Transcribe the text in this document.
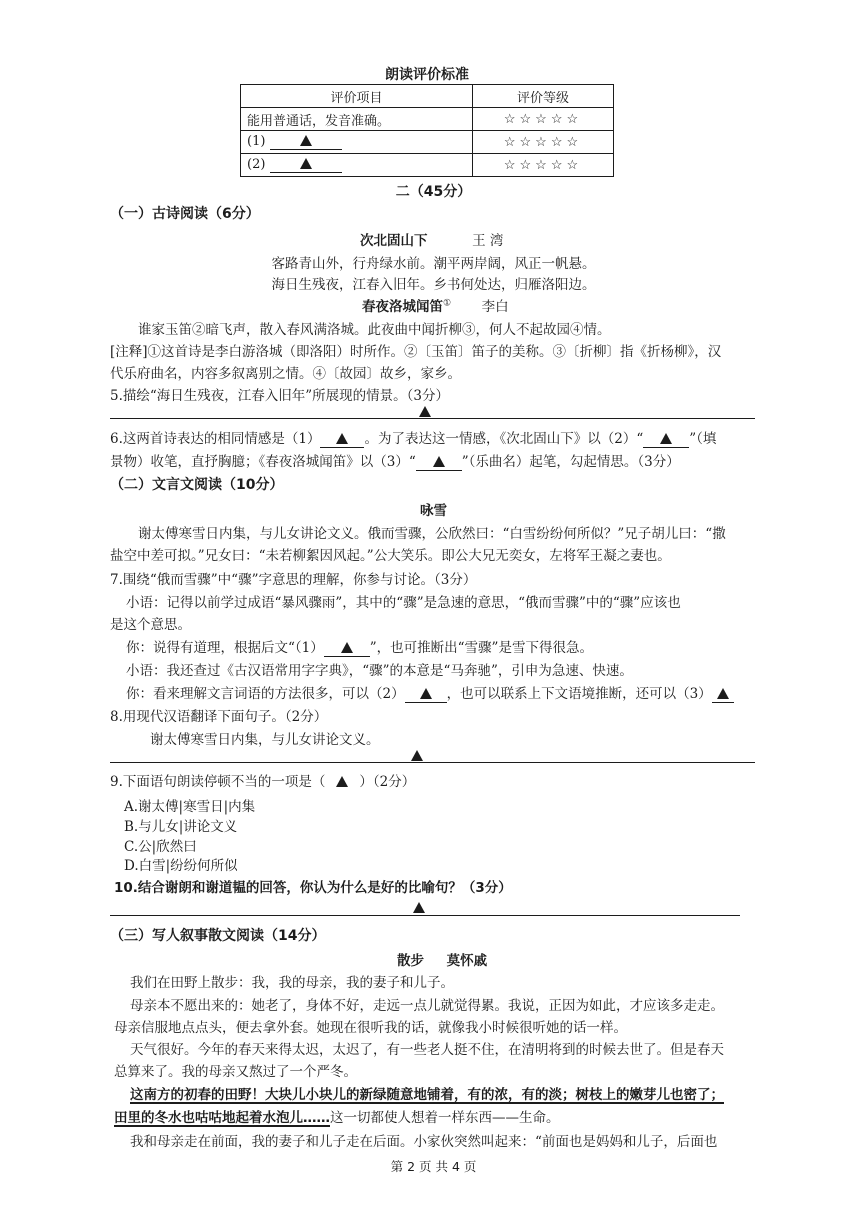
朗读评价标准
评价项目	评价等级
能用普通话，发音准确。	☆☆☆☆☆
(1)	☆☆☆☆☆
(2)	☆☆☆☆☆
二（45分）
（一）古诗阅读（6分）
次北固山下	王 湾
客路青山外，行舟绿水前。潮平两岸阔，风正一帆悬。
海日生残夜，江春入旧年。乡书何处达，归雁洛阳边。
春夜洛城闻笛① 李白
谁家玉笛②暗飞声，散入春风满洛城。此夜曲中闻折柳③，何人不起故园④情。
[注释]①这首诗是李白游洛城（即洛阳）时所作。②〔玉笛〕笛子的美称。③〔折柳〕指《折杨柳》，汉
代乐府曲名，内容多叙离别之情。④〔故园〕故乡，家乡。
5.描绘“海日生残夜，江春入旧年”所展现的情景。（3分）
6.这两首诗表达的相同情感是（1）	。为了表达这一情感，《次北固山下》以（2）“	”（填
景物）收笔，直抒胸臆；《春夜洛城闻笛》以（3）“	”（乐曲名）起笔，勾起情思。（3分）
（二）文言文阅读（10分）
咏雪
谢太傅寒雪日内集，与儿女讲论文义。俄而雪骤，公欣然曰：“白雪纷纷何所似？”兄子胡儿曰：“撒
盐空中差可拟。”兄女曰：“未若柳絮因风起。”公大笑乐。即公大兄无奕女，左将军王凝之妻也。
7.围绕“俄而雪骤”中“骤”字意思的理解，你参与讨论。（3分）
小语：记得以前学过成语“暴风骤雨”，其中的“骤”是急速的意思，“俄而雪骤”中的“骤”应该也
是这个意思。
你：说得有道理，根据后文“（1）	”，也可推断出“雪骤”是雪下得很急。
小语：我还查过《古汉语常用字字典》，“骤”的本意是“马奔驰”，引申为急速、快速。
你：看来理解文言词语的方法很多，可以（2）	，也可以联系上下文语境推断，还可以（3）
8.用现代汉语翻译下面句子。（2分）
谢太傅寒雪日内集，与儿女讲论文义。
9.下面语句朗读停顿不当的一项是（	）（2分）
A.谢太傅|寒雪日|内集
B.与儿女|讲论文义
C.公|欣然曰
D.白雪|纷纷何所似
10.结合谢朗和谢道韫的回答，你认为什么是好的比喻句？（3分）
（三）写人叙事散文阅读（14分）
散步 莫怀戚
我们在田野上散步：我，我的母亲，我的妻子和儿子。
母亲本不愿出来的：她老了，身体不好，走远一点儿就觉得累。我说，正因为如此，才应该多走走。
母亲信服地点点头，便去拿外套。她现在很听我的话，就像我小时候很听她的话一样。
天气很好。今年的春天来得太迟，太迟了，有一些老人挺不住，在清明将到的时候去世了。但是春天
总算来了。我的母亲又熬过了一个严冬。
这南方的初春的田野！大块儿小块儿的新绿随意地铺着，有的浓，有的淡；树枝上的嫩芽儿也密了；
田里的冬水也咕咕地起着水泡儿……这一切都使人想着一样东西——生命。
我和母亲走在前面，我的妻子和儿子走在后面。小家伙突然叫起来：“前面也是妈妈和儿子，后面也
第 2 页 共 4 页
